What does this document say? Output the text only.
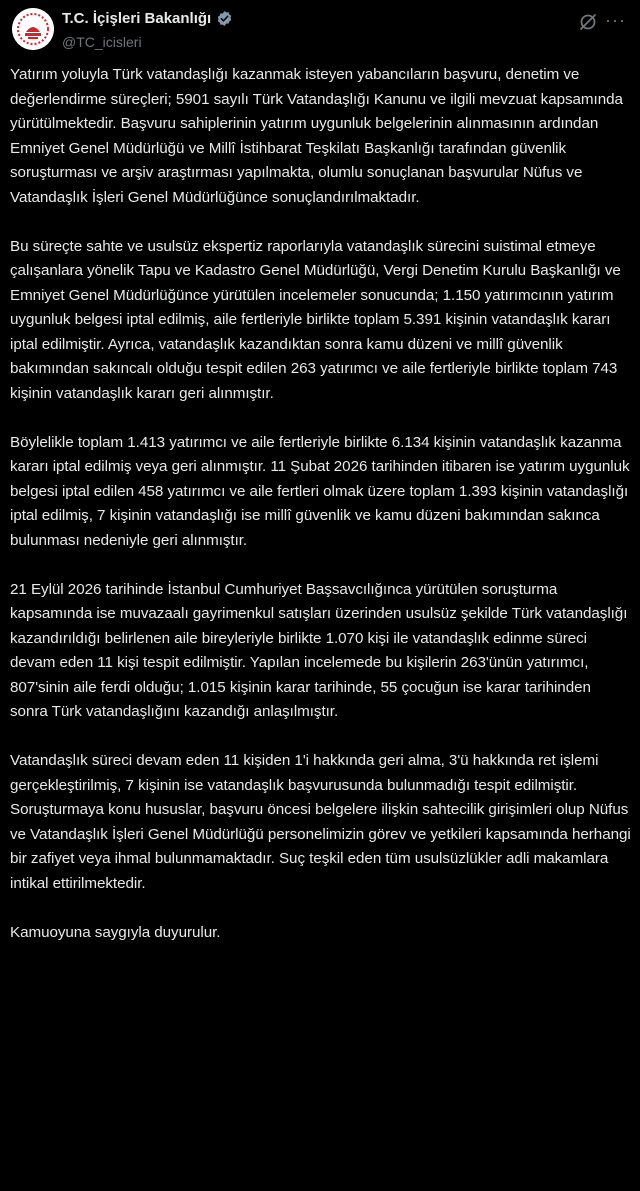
T.C. İçişleri Bakanlığı
@TC_icisleri
···

Yatırım yoluyla Türk vatandaşlığı kazanmak isteyen yabancıların başvuru, denetim ve değerlendirme süreçleri; 5901 sayılı Türk Vatandaşlığı Kanunu ve ilgili mevzuat kapsamında yürütülmektedir. Başvuru sahiplerinin yatırım uygunluk belgelerinin alınmasının ardından Emniyet Genel Müdürlüğü ve Millî İstihbarat Teşkilatı Başkanlığı tarafından güvenlik soruşturması ve arşiv araştırması yapılmakta, olumlu sonuçlanan başvurular Nüfus ve Vatandaşlık İşleri Genel Müdürlüğünce sonuçlandırılmaktadır.

Bu süreçte sahte ve usulsüz ekspertiz raporlarıyla vatandaşlık sürecini suistimal etmeye çalışanlara yönelik Tapu ve Kadastro Genel Müdürlüğü, Vergi Denetim Kurulu Başkanlığı ve Emniyet Genel Müdürlüğünce yürütülen incelemeler sonucunda; 1.150 yatırımcının yatırım uygunluk belgesi iptal edilmiş, aile fertleriyle birlikte toplam 5.391 kişinin vatandaşlık kararı iptal edilmiştir. Ayrıca, vatandaşlık kazandıktan sonra kamu düzeni ve millî güvenlik bakımından sakıncalı olduğu tespit edilen 263 yatırımcı ve aile fertleriyle birlikte toplam 743 kişinin vatandaşlık kararı geri alınmıştır.

Böylelikle toplam 1.413 yatırımcı ve aile fertleriyle birlikte 6.134 kişinin vatandaşlık kazanma kararı iptal edilmiş veya geri alınmıştır. 11 Şubat 2026 tarihinden itibaren ise yatırım uygunluk belgesi iptal edilen 458 yatırımcı ve aile fertleri olmak üzere toplam 1.393 kişinin vatandaşlığı iptal edilmiş, 7 kişinin vatandaşlığı ise millî güvenlik ve kamu düzeni bakımından sakınca bulunması nedeniyle geri alınmıştır.

21 Eylül 2026 tarihinde İstanbul Cumhuriyet Başsavcılığınca yürütülen soruşturma kapsamında ise muvazaalı gayrimenkul satışları üzerinden usulsüz şekilde Türk vatandaşlığı kazandırıldığı belirlenen aile bireyleriyle birlikte 1.070 kişi ile vatandaşlık edinme süreci devam eden 11 kişi tespit edilmiştir. Yapılan incelemede bu kişilerin 263'ünün yatırımcı, 807'sinin aile ferdi olduğu; 1.015 kişinin karar tarihinde, 55 çocuğun ise karar tarihinden sonra Türk vatandaşlığını kazandığı anlaşılmıştır.

Vatandaşlık süreci devam eden 11 kişiden 1'i hakkında geri alma, 3'ü hakkında ret işlemi gerçekleştirilmiş, 7 kişinin ise vatandaşlık başvurusunda bulunmadığı tespit edilmiştir. Soruşturmaya konu hususlar, başvuru öncesi belgelere ilişkin sahtecilik girişimleri olup Nüfus ve Vatandaşlık İşleri Genel Müdürlüğü personelimizin görev ve yetkileri kapsamında herhangi bir zafiyet veya ihmal bulunmamaktadır. Suç teşkil eden tüm usulsüzlükler adli makamlara intikal ettirilmektedir.

Kamuoyuna saygıyla duyurulur.
